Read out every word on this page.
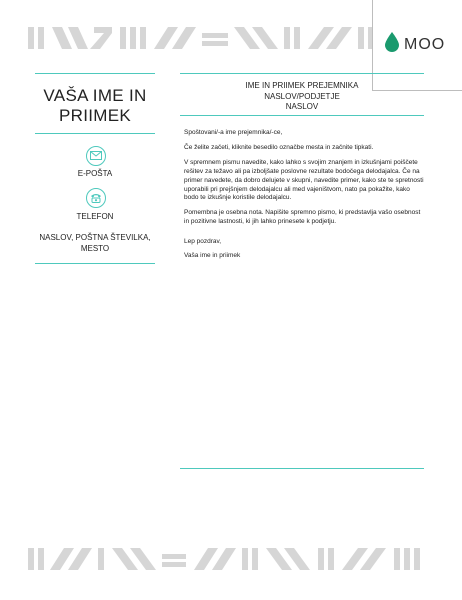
MOO
VAŠA IME IN
PRIIMEK
E-POŠTA
TELEFON
NASLOV, POŠTNA ŠTEVILKA,
MESTO
IME IN PRIIMEK PREJEMNIKA
NASLOV/PODJETJE
NASLOV

Spoštovani/-a ime prejemnika/-ce,

Če želite začeti, kliknite besedilo označbe mesta in začnite tipkati.

V spremnem pismu navedite, kako lahko s svojim znanjem in izkušnjami poiščete rešitev za težavo ali pa izboljšate poslovne rezultate bodočega delodajalca. Če na primer navedete, da dobro delujete v skupni, navedite primer, kako ste te spretnosti uporabili pri prejšnjem delodajalcu ali med vajeništvom, nato pa pokažite, kako bodo te izkušnje koristile delodajalcu.

Pomembna je osebna nota. Napišite spremno pismo, ki predstavlja vašo osebnost in pozitivne lastnosti, ki jih lahko prinesete k podjetju.

Lep pozdrav,

Vaša ime in priimek
